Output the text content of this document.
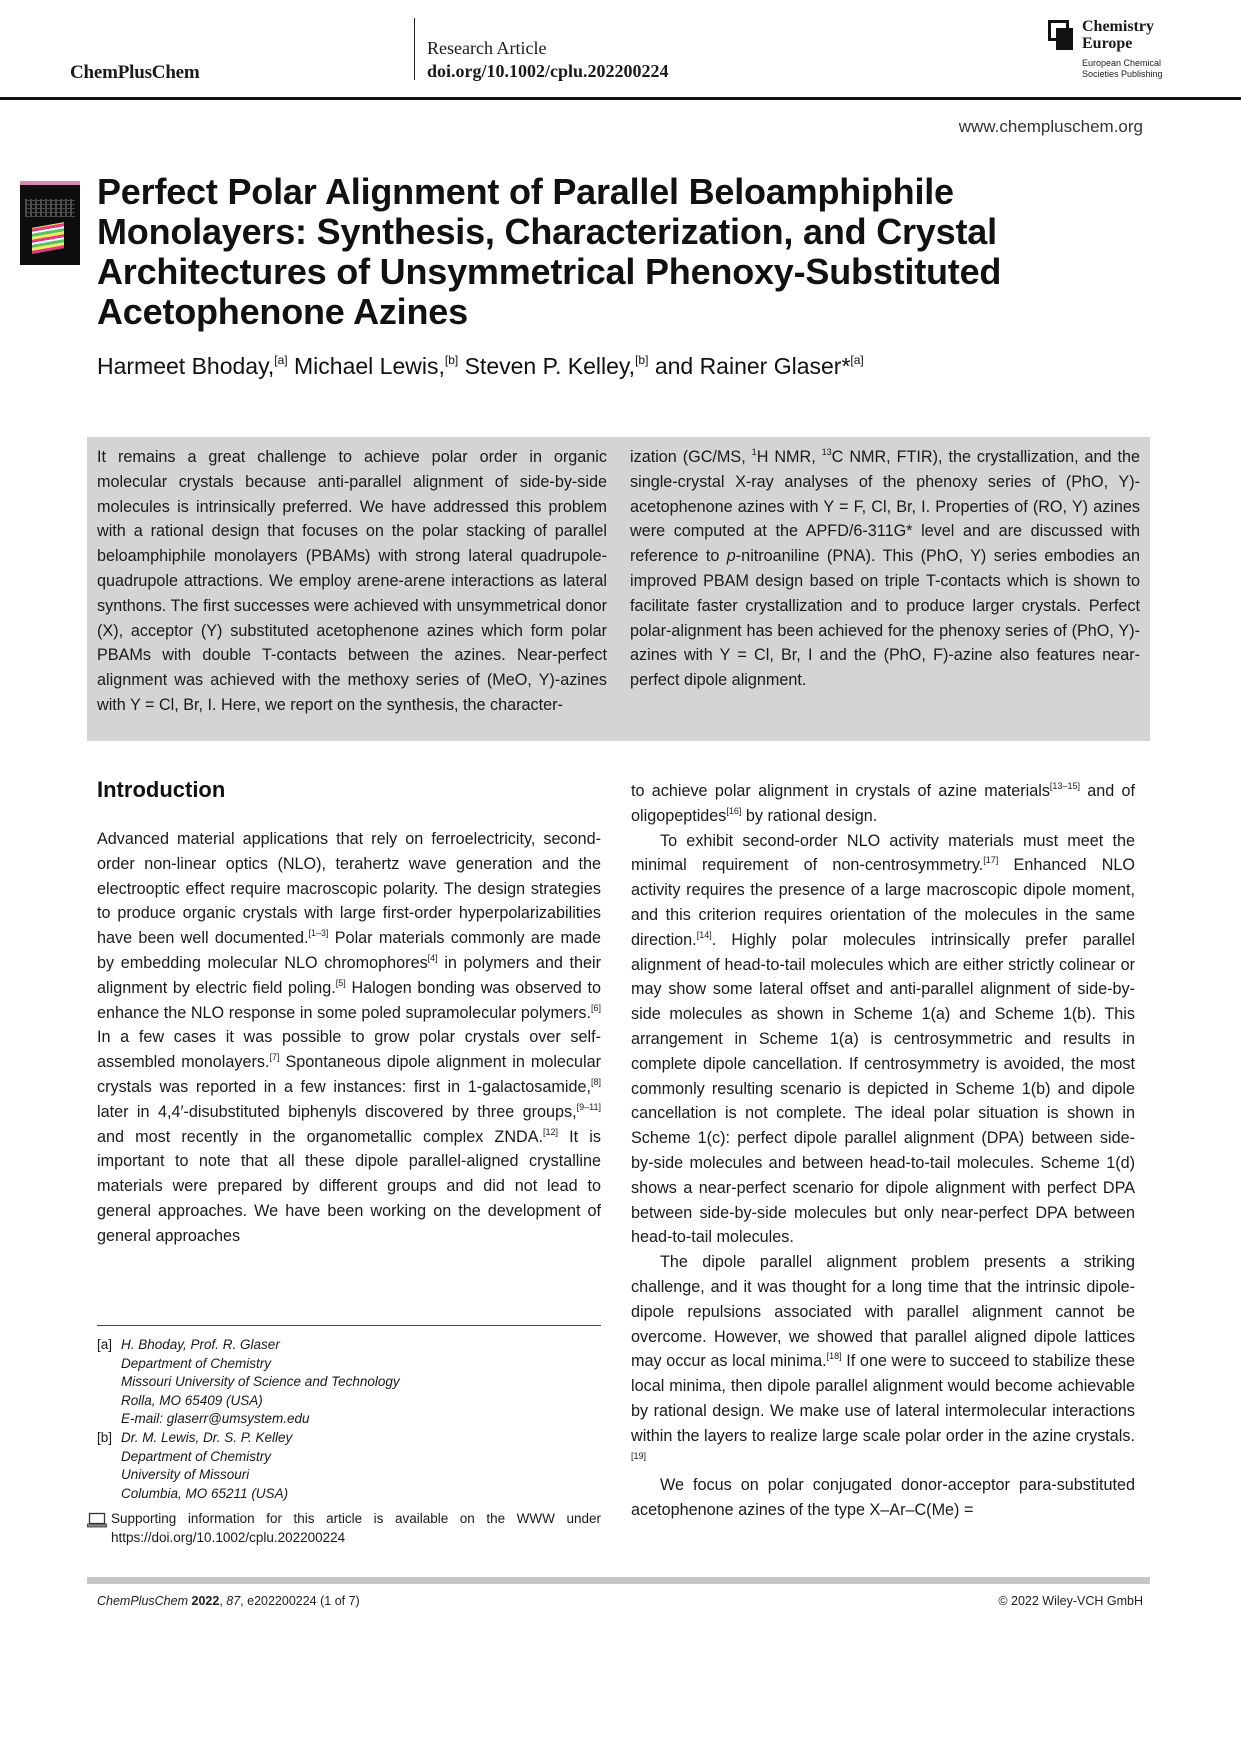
ChemPlusChem
Research Article
doi.org/10.1002/cplu.202200224
Chemistry
Europe
European Chemical
Societies Publishing
www.chempluschem.org
Perfect Polar Alignment of Parallel Beloamphiphile Monolayers: Synthesis, Characterization, and Crystal Architectures of Unsymmetrical Phenoxy-Substituted Acetophenone Azines
Harmeet Bhoday,[a] Michael Lewis,[b] Steven P. Kelley,[b] and Rainer Glaser*[a]
It remains a great challenge to achieve polar order in organic molecular crystals because anti-parallel alignment of side-by-side molecules is intrinsically preferred. We have addressed this problem with a rational design that focuses on the polar stacking of parallel beloamphiphile monolayers (PBAMs) with strong lateral quadrupole-quadrupole attractions. We employ arene-arene interactions as lateral synthons. The first successes were achieved with unsymmetrical donor (X), acceptor (Y) substituted acetophenone azines which form polar PBAMs with double T-contacts between the azines. Near-perfect alignment was achieved with the methoxy series of (MeO, Y)-azines with Y = Cl, Br, I. Here, we report on the synthesis, the character-
ization (GC/MS, $^1$H NMR, $^{13}$C NMR, FTIR), the crystallization, and the single-crystal X-ray analyses of the phenoxy series of (PhO, Y)-acetophenone azines with Y = F, Cl, Br, I. Properties of (RO, Y) azines were computed at the APFD/6-311G* level and are discussed with reference to p-nitroaniline (PNA). This (PhO, Y) series embodies an improved PBAM design based on triple T-contacts which is shown to facilitate faster crystallization and to produce larger crystals. Perfect polar-alignment has been achieved for the phenoxy series of (PhO, Y)-azines with Y = Cl, Br, I and the (PhO, F)-azine also features near-perfect dipole alignment.
Introduction

Advanced material applications that rely on ferroelectricity, second-order non-linear optics (NLO), terahertz wave generation and the electrooptic effect require macroscopic polarity. The design strategies to produce organic crystals with large first-order hyperpolarizabilities have been well documented.[1–3] Polar materials commonly are made by embedding molecular NLO chromophores[4] in polymers and their alignment by electric field poling.[5] Halogen bonding was observed to enhance the NLO response in some poled supramolecular polymers.[6] In a few cases it was possible to grow polar crystals over self-assembled monolayers.[7] Spontaneous dipole alignment in molecular crystals was reported in a few instances: first in 1-galactosamide,[8] later in 4,4′-disubstituted biphenyls discovered by three groups,[9–11] and most recently in the organometallic complex ZNDA.[12] It is important to note that all these dipole parallel-aligned crystalline materials were prepared by different groups and did not lead to general approaches. We have been working on the development of general approaches

to achieve polar alignment in crystals of azine materials[13–15] and of oligopeptides[16] by rational design.

To exhibit second-order NLO activity materials must meet the minimal requirement of non-centrosymmetry.[17] Enhanced NLO activity requires the presence of a large macroscopic dipole moment, and this criterion requires orientation of the molecules in the same direction.[14]. Highly polar molecules intrinsically prefer parallel alignment of head-to-tail molecules which are either strictly colinear or may show some lateral offset and anti-parallel alignment of side-by-side molecules as shown in Scheme 1(a) and Scheme 1(b). This arrangement in Scheme 1(a) is centrosymmetric and results in complete dipole cancellation. If centrosymmetry is avoided, the most commonly resulting scenario is depicted in Scheme 1(b) and dipole cancellation is not complete. The ideal polar situation is shown in Scheme 1(c): perfect dipole parallel alignment (DPA) between side-by-side molecules and between head-to-tail molecules. Scheme 1(d) shows a near-perfect scenario for dipole alignment with perfect DPA between side-by-side molecules but only near-perfect DPA between head-to-tail molecules.

The dipole parallel alignment problem presents a striking challenge, and it was thought for a long time that the intrinsic dipole-dipole repulsions associated with parallel alignment cannot be overcome. However, we showed that parallel aligned dipole lattices may occur as local minima.[18] If one were to succeed to stabilize these local minima, then dipole parallel alignment would become achievable by rational design. We make use of lateral intermolecular interactions within the layers to realize large scale polar order in the azine crystals.[19]

We focus on polar conjugated donor-acceptor para-substituted acetophenone azines of the type X–Ar–C(Me) =

[a] H. Bhoday, Prof. R. Glaser
Department of Chemistry
Missouri University of Science and Technology
Rolla, MO 65409 (USA)
E-mail: glaserr@umsystem.edu
[b] Dr. M. Lewis, Dr. S. P. Kelley
Department of Chemistry
University of Missouri
Columbia, MO 65211 (USA)
Supporting information for this article is available on the WWW under https://doi.org/10.1002/cplu.202200224
ChemPlusChem 2022, 87, e202200224 (1 of 7)	© 2022 Wiley-VCH GmbH
